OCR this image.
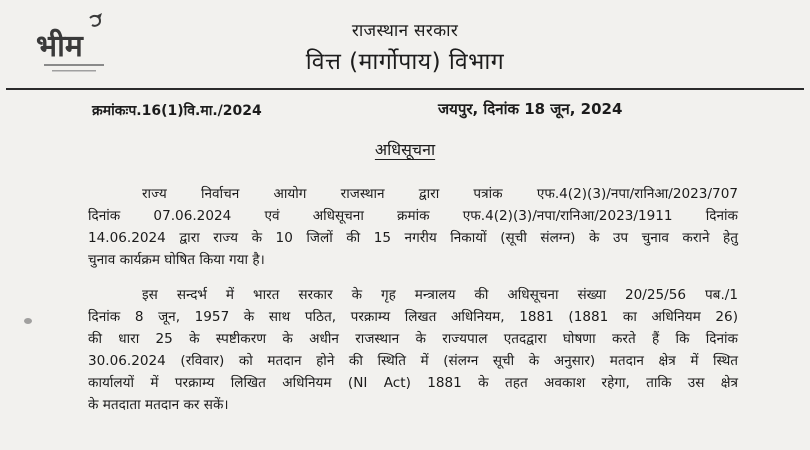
भीम	राजस्थान सरकार
वित्त (मार्गोपाय) विभाग
क्रमांकःप.16(1)वि.मा./2024	जयपुर, दिनांक 18 जून, 2024
अधिसूचना
राज्य निर्वाचन आयोग राजस्थान द्वारा पत्रांक एफ.4(2)(3)/नपा/रानिआ/2023/707
दिनांक 07.06.2024 एवं अधिसूचना क्रमांक एफ.4(2)(3)/नपा/रानिआ/2023/1911 दिनांक
14.06.2024 द्वारा राज्य के 10 जिलों की 15 नगरीय निकायों (सूची संलग्न) के उप चुनाव कराने हेतु
चुनाव कार्यक्रम घोषित किया गया है।
इस सन्दर्भ में भारत सरकार के गृह मन्त्रालय की अधिसूचना संख्या 20/25/56 पब./1
दिनांक 8 जून, 1957 के साथ पठित, परक्राम्य लिखत अधिनियम, 1881 (1881 का अधिनियम 26)
की धारा 25 के स्पष्टीकरण के अधीन राजस्थान के राज्यपाल एतदद्वारा घोषणा करते हैं कि दिनांक
30.06.2024 (रविवार) को मतदान होने की स्थिति में (संलग्न सूची के अनुसार) मतदान क्षेत्र में स्थित
कार्यालयों में परक्राम्य लिखित अधिनियम (NI Act) 1881 के तहत अवकाश रहेगा, ताकि उस क्षेत्र
के मतदाता मतदान कर सकें।
